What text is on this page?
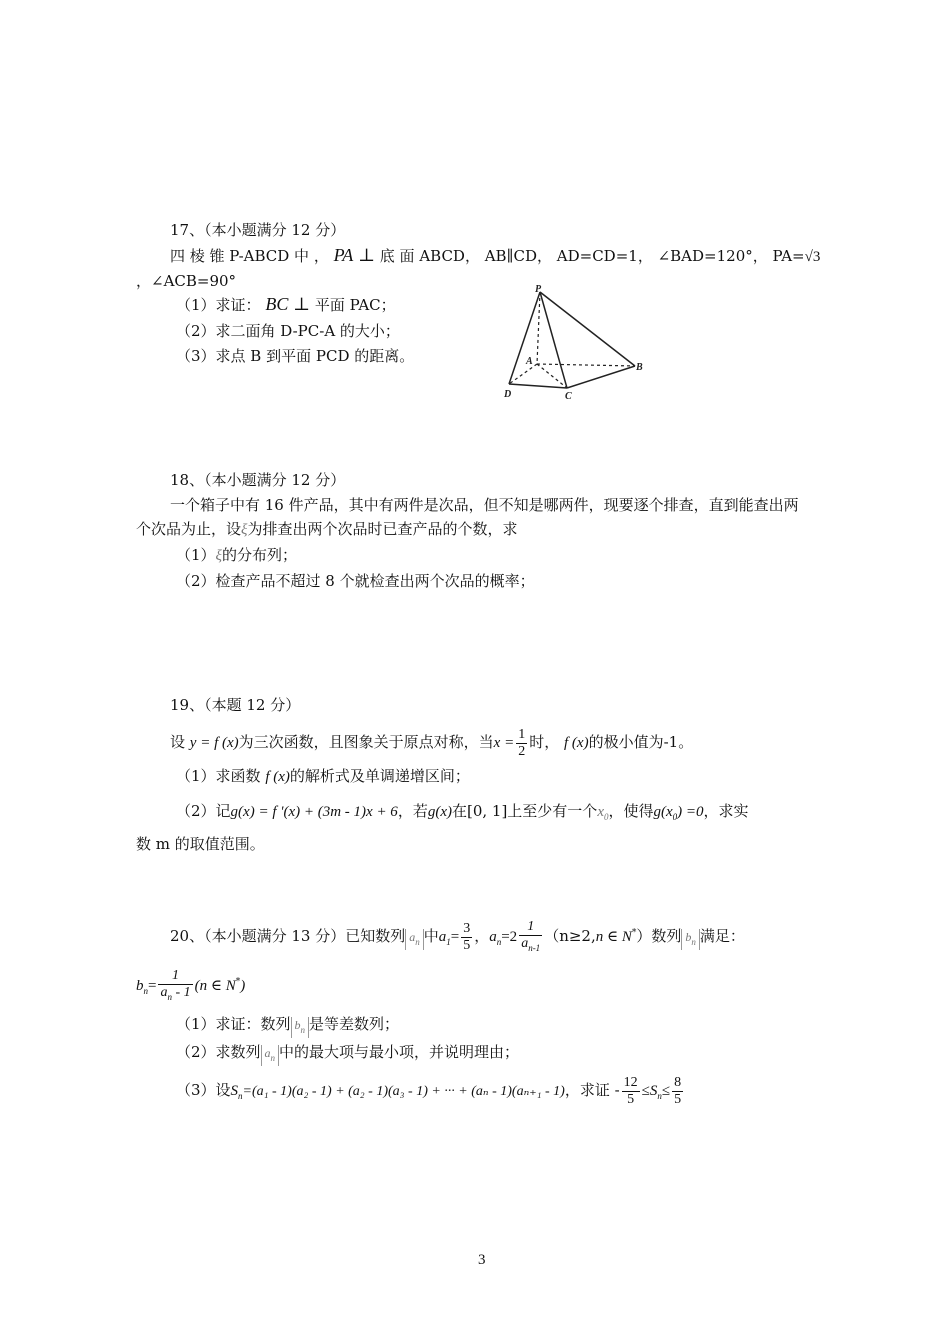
17、（本小题满分 12 分）
四 棱 锥 P-ABCD 中 ， PA ⊥ 底 面 ABCD， AB∥CD， AD=CD=1， ∠BAD=120°， PA=√3
，∠ACB=90°
（1）求证： BC ⊥ 平面 PAC；
（2）求二面角 D-PC-A 的大小；
（3）求点 B 到平面 PCD 的距离。
P
A
B
C
D
18、（本小题满分 12 分）
一个箱子中有 16 件产品，其中有两件是次品，但不知是哪两件，现要逐个排查，直到能查出两
个次品为止，设ξ为排查出两个次品时已查产品的个数，求
（1）ξ的分布列；
（2）检查产品不超过 8 个就检查出两个次品的概率；
19、（本题 12 分）
设 y = f (x)为三次函数，且图象关于原点对称，当$x = \frac{1}{2}$ 时， f (x)的极小值为-1。
（1）求函数 f (x)的解析式及单调递增区间；
（2）记g(x) = f '(x) + (3m - 1)x + 6，若g(x)在[0, 1]上至少有一个$x_0$，使得$g(x_0) =0$，求实
数 m 的取值范围。
20、（本小题满分 13 分）已知数列 $a_n$ 中$a_1= \frac{3}{5}$ ，$a_n=2 \frac{1}{a_{n-1}} (n\ge 2,n$ ∈ N*）数列 $b_n$ 满足：
$b_n= \frac{1}{a_n - 1} (n$ ∈ N*)
（1）求证：数列 $b_n$ 是等差数列；
（2）求数列 $a_n$ 中的最大项与最小项，并说明理由；
（3）设$S_n=(a_1 - 1)(a_2 - 1) + (a_2 - 1)(a_3 - 1)$ + ··· + (aₙ - 1)(aₙ₊₁ - 1)，求证 - $\frac{12}{5} \le S_n\le \frac{8}{5}$
3
